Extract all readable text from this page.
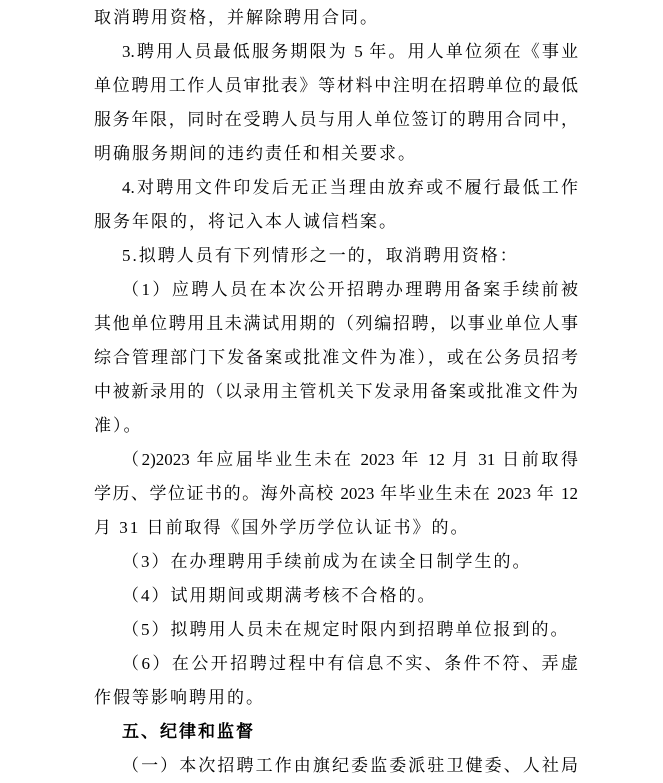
取消聘用资格，并解除聘用合同。

3.聘用人员最低服务期限为 5 年。用人单位须在《事业
单位聘用工作人员审批表》等材料中注明在招聘单位的最低
服务年限，同时在受聘人员与用人单位签订的聘用合同中，
明确服务期间的违约责任和相关要求。

4.对聘用文件印发后无正当理由放弃或不履行最低工作
服务年限的，将记入本人诚信档案。

5.拟聘人员有下列情形之一的，取消聘用资格：

（1）应聘人员在本次公开招聘办理聘用备案手续前被
其他单位聘用且未满试用期的（列编招聘，以事业单位人事
综合管理部门下发备案或批准文件为准），或在公务员招考
中被新录用的（以录用主管机关下发录用备案或批准文件为
准）。

（2)2023 年应届毕业生未在 2023 年 12 月 31 日前取得
学历、学位证书的。海外高校 2023 年毕业生未在 2023 年 12
月 31 日前取得《国外学历学位认证书》的。

（3）在办理聘用手续前成为在读全日制学生的。

（4）试用期间或期满考核不合格的。

（5）拟聘用人员未在规定时限内到招聘单位报到的。

（6）在公开招聘过程中有信息不实、条件不符、弄虚
作假等影响聘用的。

五、纪律和监督

（一）本次招聘工作由旗纪委监委派驻卫健委、人社局
